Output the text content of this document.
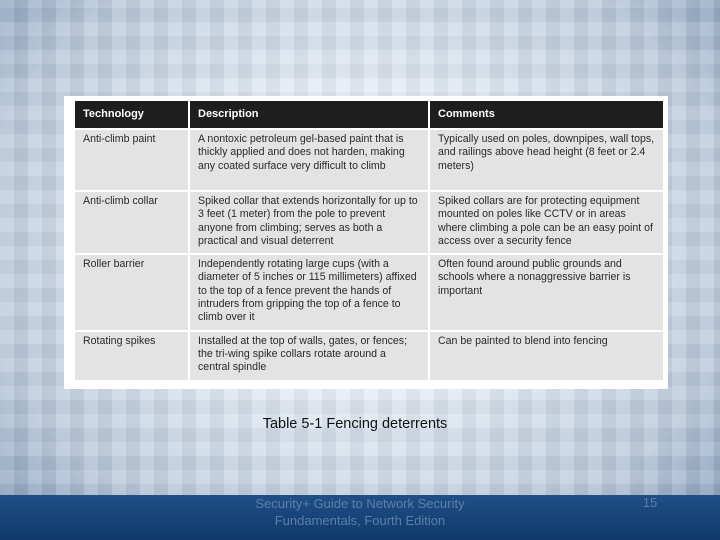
Technology	Description	Comments
Anti-climb paint	A nontoxic petroleum gel-based paint that is thickly applied and does not harden, making any coated surface very difficult to climb	Typically used on poles, downpipes, wall tops, and railings above head height (8 feet or 2.4 meters)
Anti-climb collar	Spiked collar that extends horizontally for up to 3 feet (1 meter) from the pole to prevent anyone from climbing; serves as both a practical and visual deterrent	Spiked collars are for protecting equipment mounted on poles like CCTV or in areas where climbing a pole can be an easy point of access over a security fence
Roller barrier	Independently rotating large cups (with a diameter of 5 inches or 115 millimeters) affixed to the top of a fence prevent the hands of intruders from gripping the top of a fence to climb over it	Often found around public grounds and schools where a nonaggressive barrier is important
Rotating spikes	Installed at the top of walls, gates, or fences; the tri-wing spike collars rotate around a central spindle	Can be painted to blend into fencing
Table 5-1 Fencing deterrents
Security+ Guide to Network Security Fundamentals, Fourth Edition
15
